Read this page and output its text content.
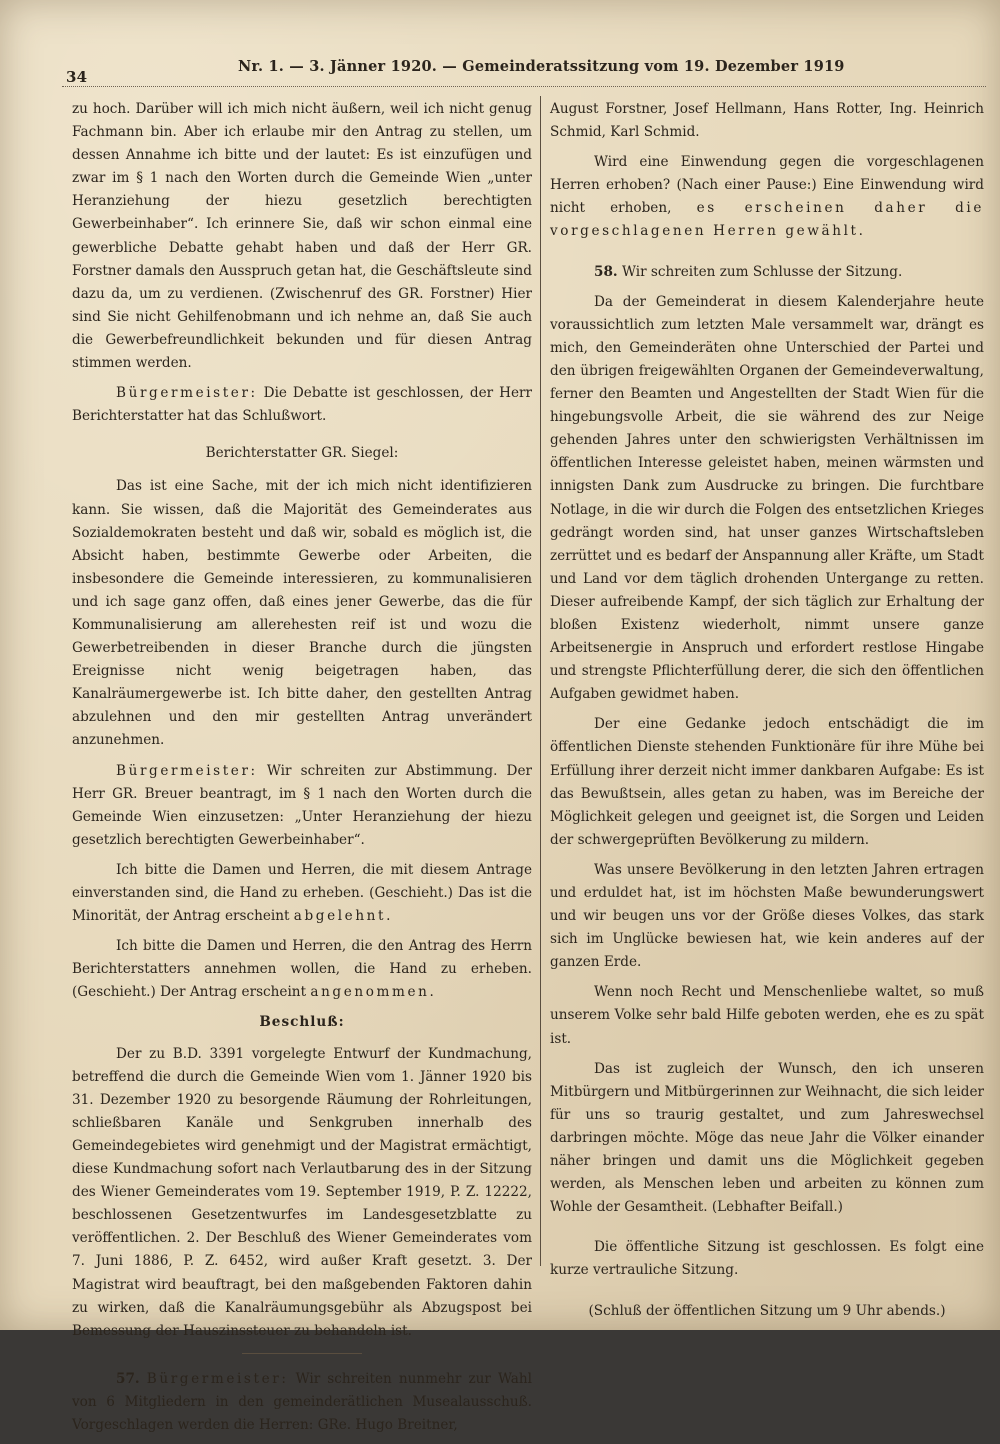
34
Nr. 1. — 3. Jänner 1920. — Gemeinderatssitzung vom 19. Dezember 1919

zu hoch. Darüber will ich mich nicht äußern, weil ich nicht genug Fachmann bin. Aber ich erlaube mir den Antrag zu stellen, um dessen Annahme ich bitte und der lautet: Es ist einzufügen und zwar im § 1 nach den Worten durch die Gemeinde Wien „unter Heranziehung der hiezu gesetzlich berechtigten Gewerbeinhaber“. Ich erinnere Sie, daß wir schon einmal eine gewerbliche Debatte gehabt haben und daß der Herr GR. Forstner damals den Ausspruch getan hat, die Geschäftsleute sind dazu da, um zu verdienen. (Zwischenruf des GR. Forstner) Hier sind Sie nicht Gehilfenobmann und ich nehme an, daß Sie auch die Gewerbefreundlichkeit bekunden und für diesen Antrag stimmen werden.

Bürgermeister: Die Debatte ist geschlossen, der Herr Berichterstatter hat das Schlußwort.

Berichterstatter GR. Siegel:

Das ist eine Sache, mit der ich mich nicht identifizieren kann. Sie wissen, daß die Majorität des Gemeinderates aus Sozialdemokraten besteht und daß wir, sobald es möglich ist, die Absicht haben, bestimmte Gewerbe oder Arbeiten, die insbesondere die Gemeinde interessieren, zu kommunalisieren und ich sage ganz offen, daß eines jener Gewerbe, das die für Kommunalisierung am allerehesten reif ist und wozu die Gewerbetreibenden in dieser Branche durch die jüngsten Ereignisse nicht wenig beigetragen haben, das Kanalräumergewerbe ist. Ich bitte daher, den gestellten Antrag abzulehnen und den mir gestellten Antrag unverändert anzunehmen.

Bürgermeister: Wir schreiten zur Abstimmung. Der Herr GR. Breuer beantragt, im § 1 nach den Worten durch die Gemeinde Wien einzusetzen: „Unter Heranziehung der hiezu gesetzlich berechtigten Gewerbeinhaber“.

Ich bitte die Damen und Herren, die mit diesem Antrage einverstanden sind, die Hand zu erheben. (Geschieht.) Das ist die Minorität, der Antrag erscheint abgelehnt.

Ich bitte die Damen und Herren, die den Antrag des Herrn Berichterstatters annehmen wollen, die Hand zu erheben. (Geschieht.) Der Antrag erscheint angenommen.

Beschluß:

Der zu B.D. 3391 vorgelegte Entwurf der Kundmachung, betreffend die durch die Gemeinde Wien vom 1. Jänner 1920 bis 31. Dezember 1920 zu besorgende Räumung der Rohrleitungen, schließbaren Kanäle und Senkgruben innerhalb des Gemeindegebietes wird genehmigt und der Magistrat ermächtigt, diese Kundmachung sofort nach Verlautbarung des in der Sitzung des Wiener Gemeinderates vom 19. September 1919, P. Z. 12222, beschlossenen Gesetzentwurfes im Landesgesetzblatte zu veröffentlichen. 2. Der Beschluß des Wiener Gemeinderates vom 7. Juni 1886, P. Z. 6452, wird außer Kraft gesetzt. 3. Der Magistrat wird beauftragt, bei den maßgebenden Faktoren dahin zu wirken, daß die Kanalräumungsgebühr als Abzugspost bei Bemessung der Hauszinssteuer zu behandeln ist.

57. Bürgermeister: Wir schreiten nunmehr zur Wahl von 6 Mitgliedern in den gemeinderätlichen Musealausschuß. Vorgeschlagen werden die Herren: GRe. Hugo Breitner,

August Forstner, Josef Hellmann, Hans Rotter, Ing. Heinrich Schmid, Karl Schmid.

Wird eine Einwendung gegen die vorgeschlagenen Herren erhoben? (Nach einer Pause:) Eine Einwendung wird nicht erhoben, es erscheinen daher die vorgeschlagenen Herren gewählt.

58. Wir schreiten zum Schlusse der Sitzung.

Da der Gemeinderat in diesem Kalenderjahre heute voraussichtlich zum letzten Male versammelt war, drängt es mich, den Gemeinderäten ohne Unterschied der Partei und den übrigen freigewählten Organen der Gemeindeverwaltung, ferner den Beamten und Angestellten der Stadt Wien für die hingebungsvolle Arbeit, die sie während des zur Neige gehenden Jahres unter den schwierigsten Verhältnissen im öffentlichen Interesse geleistet haben, meinen wärmsten und innigsten Dank zum Ausdrucke zu bringen. Die furchtbare Notlage, in die wir durch die Folgen des entsetzlichen Krieges gedrängt worden sind, hat unser ganzes Wirtschaftsleben zerrüttet und es bedarf der Anspannung aller Kräfte, um Stadt und Land vor dem täglich drohenden Untergange zu retten. Dieser aufreibende Kampf, der sich täglich zur Erhaltung der bloßen Existenz wiederholt, nimmt unsere ganze Arbeitsenergie in Anspruch und erfordert restlose Hingabe und strengste Pflichterfüllung derer, die sich den öffentlichen Aufgaben gewidmet haben.

Der eine Gedanke jedoch entschädigt die im öffentlichen Dienste stehenden Funktionäre für ihre Mühe bei Erfüllung ihrer derzeit nicht immer dankbaren Aufgabe: Es ist das Bewußtsein, alles getan zu haben, was im Bereiche der Möglichkeit gelegen und geeignet ist, die Sorgen und Leiden der schwergeprüften Bevölkerung zu mildern.

Was unsere Bevölkerung in den letzten Jahren ertragen und erduldet hat, ist im höchsten Maße bewunderungswert und wir beugen uns vor der Größe dieses Volkes, das stark sich im Unglücke bewiesen hat, wie kein anderes auf der ganzen Erde.

Wenn noch Recht und Menschenliebe waltet, so muß unserem Volke sehr bald Hilfe geboten werden, ehe es zu spät ist.

Das ist zugleich der Wunsch, den ich unseren Mitbürgern und Mitbürgerinnen zur Weihnacht, die sich leider für uns so traurig gestaltet, und zum Jahreswechsel darbringen möchte. Möge das neue Jahr die Völker einander näher bringen und damit uns die Möglichkeit gegeben werden, als Menschen leben und arbeiten zu können zum Wohle der Gesamtheit. (Lebhafter Beifall.)

Die öffentliche Sitzung ist geschlossen. Es folgt eine kurze vertrauliche Sitzung.

(Schluß der öffentlichen Sitzung um 9 Uhr abends.)
